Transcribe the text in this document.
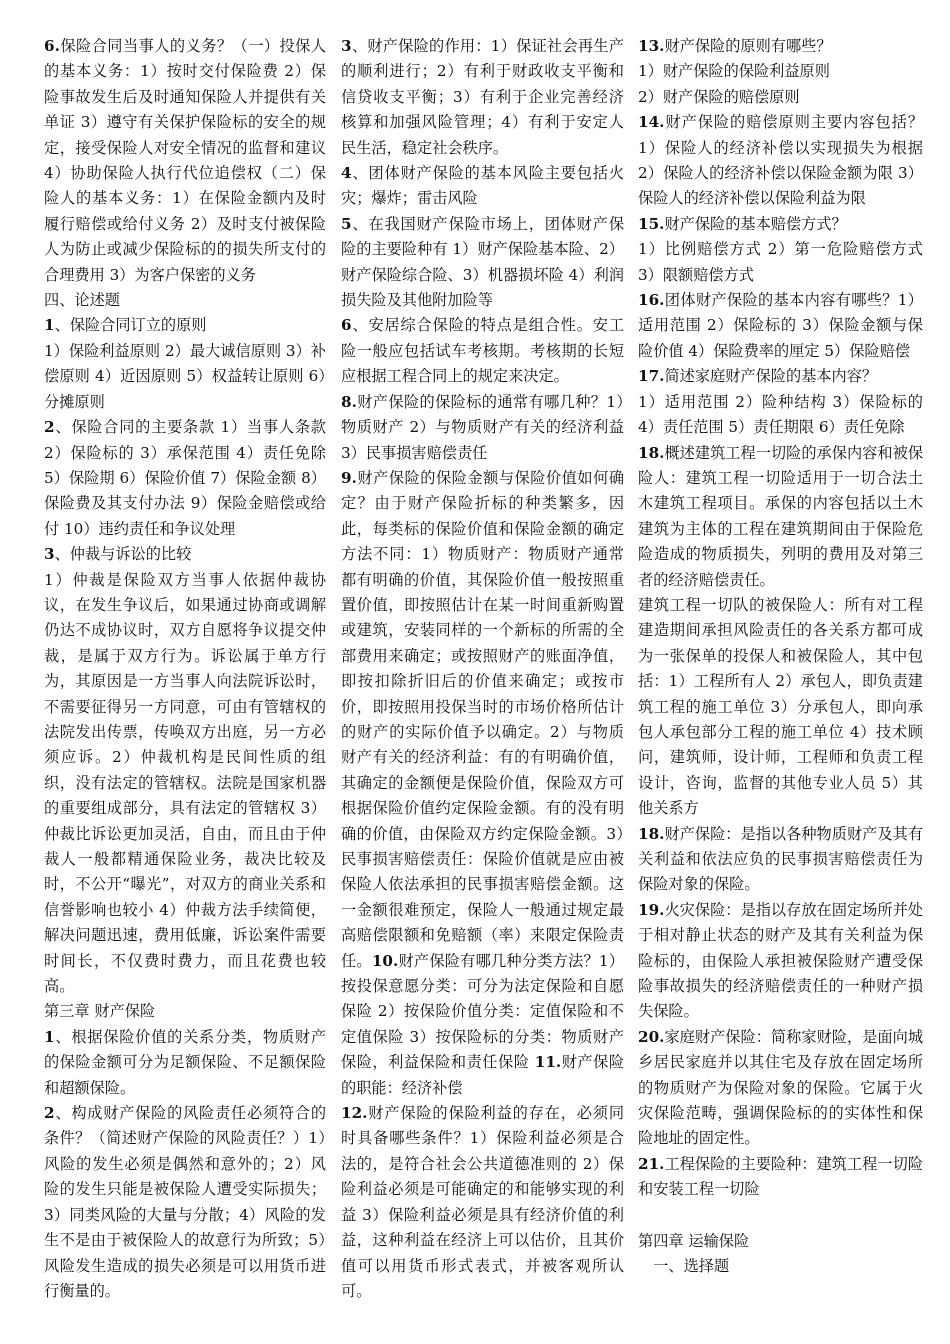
6.保险合同当事人的义务？（一）投保人的基本义务：1）按时交付保险费 2）保险事故发生后及时通知保险人并提供有关单证 3）遵守有关保护保险标的安全的规定，接受保险人对安全情况的监督和建议 4）协助保险人执行代位追偿权（二）保险人的基本义务：1）在保险金额内及时履行赔偿或给付义务 2）及时支付被保险人为防止或减少保险标的的损失所支付的合理费用 3）为客户保密的义务

四、论述题

1、保险合同订立的原则

1）保险利益原则 2）最大诚信原则 3）补偿原则 4）近因原则 5）权益转让原则 6）分摊原则

2、保险合同的主要条款 1）当事人条款 2）保险标的 3）承保范围 4）责任免除 5）保险期 6）保险价值 7）保险金额 8）保险费及其支付办法 9）保险金赔偿或给付 10）违约责任和争议处理

3、仲裁与诉讼的比较

1）仲裁是保险双方当事人依据仲裁协议，在发生争议后，如果通过协商或调解仍达不成协议时，双方自愿将争议提交仲裁，是属于双方行为。诉讼属于单方行为，其原因是一方当事人向法院诉讼时，不需要征得另一方同意，可由有管辖权的法院发出传票，传唤双方出庭，另一方必须应诉。2）仲裁机构是民间性质的组织，没有法定的管辖权。法院是国家机器的重要组成部分，具有法定的管辖权 3）仲裁比诉讼更加灵活，自由，而且由于仲裁人一般都精通保险业务，裁决比较及时，不公开“曝光”，对双方的商业关系和信誉影响也较小 4）仲裁方法手续简便，解决问题迅速，费用低廉，诉讼案件需要时间长，不仅费时费力，而且花费也较高。

第三章 财产保险

1、根据保险价值的关系分类，物质财产的保险金额可分为足额保险、不足额保险和超额保险。

2、构成财产保险的风险责任必须符合的条件？（简述财产保险的风险责任？）1）风险的发生必须是偶然和意外的；2）风险的发生只能是被保险人遭受实际损失；3）同类风险的大量与分散；4）风险的发生不是由于被保险人的故意行为所致；5）风险发生造成的损失必须是可以用货币进行衡量的。

3、财产保险的作用：1）保证社会再生产的顺利进行；2）有利于财政收支平衡和信贷收支平衡；3）有利于企业完善经济核算和加强风险管理；4）有利于安定人民生活，稳定社会秩序。

4、团体财产保险的基本风险主要包括火灾；爆炸；雷击风险

5、在我国财产保险市场上，团体财产保险的主要险种有 1）财产保险基本险、2）财产保险综合险、3）机器损坏险 4）利润损失险及其他附加险等

6、安居综合保险的特点是组合性。安工险一般应包括试车考核期。考核期的长短应根据工程合同上的规定来决定。

8.财产保险的保险标的通常有哪几种？1）物质财产 2）与物质财产有关的经济利益 3）民事损害赔偿责任

9.财产保险的保险金额与保险价值如何确定？由于财产保险折标的种类繁多，因此，每类标的保险价值和保险金额的确定方法不同：1）物质财产：物质财产通常都有明确的价值，其保险价值一般按照重置价值，即按照估计在某一时间重新购置或建筑，安装同样的一个新标的所需的全部费用来确定；或按照财产的账面净值，即按扣除折旧后的价值来确定；或按市价，即按照用投保当时的市场价格所估计的财产的实际价值予以确定。2）与物质财产有关的经济利益：有的有明确价值，其确定的金额便是保险价值，保险双方可根据保险价值约定保险金额。有的没有明确的价值，由保险双方约定保险金额。3）民事损害赔偿责任：保险价值就是应由被保险人依法承担的民事损害赔偿金额。这一金额很难预定，保险人一般通过规定最高赔偿限额和免赔额（率）来限定保险责任。10.财产保险有哪几种分类方法？1）按投保意愿分类：可分为法定保险和自愿保险 2）按保险价值分类：定值保险和不定值保险 3）按保险标的分类：物质财产保险，利益保险和责任保险 11.财产保险的职能：经济补偿

12.财产保险的保险利益的存在，必须同时具备哪些条件？1）保险利益必须是合法的，是符合社会公共道德准则的 2）保险利益必须是可能确定的和能够实现的利益 3）保险利益必须是具有经济价值的利益，这种利益在经济上可以估价，且其价值可以用货币形式表式，并被客观所认可。

13.财产保险的原则有哪些？

1）财产保险的保险利益原则

2）财产保险的赔偿原则

14.财产保险的赔偿原则主要内容包括？1）保险人的经济补偿以实现损失为根据 2）保险人的经济补偿以保险金额为限 3）保险人的经济补偿以保险利益为限

15.财产保险的基本赔偿方式？

1）比例赔偿方式 2）第一危险赔偿方式 3）限额赔偿方式

16.团体财产保险的基本内容有哪些？1）适用范围 2）保险标的 3）保险金额与保险价值 4）保险费率的厘定 5）保险赔偿

17.简述家庭财产保险的基本内容？

1）适用范围 2）险种结构 3）保险标的 4）责任范围 5）责任期限 6）责任免除

18.概述建筑工程一切险的承保内容和被保险人：建筑工程一切险适用于一切合法土木建筑工程项目。承保的内容包括以土木建筑为主体的工程在建筑期间由于保险危险造成的物质损失，列明的费用及对第三者的经济赔偿责任。

建筑工程一切队的被保险人：所有对工程建造期间承担风险责任的各关系方都可成为一张保单的投保人和被保险人，其中包括：1）工程所有人 2）承包人，即负责建筑工程的施工单位 3）分承包人，即向承包人承包部分工程的施工单位 4）技术顾问，建筑师，设计师，工程师和负责工程设计，咨询，监督的其他专业人员 5）其他关系方

18.财产保险：是指以各种物质财产及其有关利益和依法应负的民事损害赔偿责任为保险对象的保险。

19.火灾保险：是指以存放在固定场所并处于相对静止状态的财产及其有关利益为保险标的，由保险人承担被保险财产遭受保险事故损失的经济赔偿责任的一种财产损失保险。

20.家庭财产保险：简称家财险，是面向城乡居民家庭并以其住宅及存放在固定场所的物质财产为保险对象的保险。它属于火灾保险范畴，强调保险标的的实体性和保险地址的固定性。

21.工程保险的主要险种：建筑工程一切险和安装工程一切险

第四章 运输保险

　一、选择题
